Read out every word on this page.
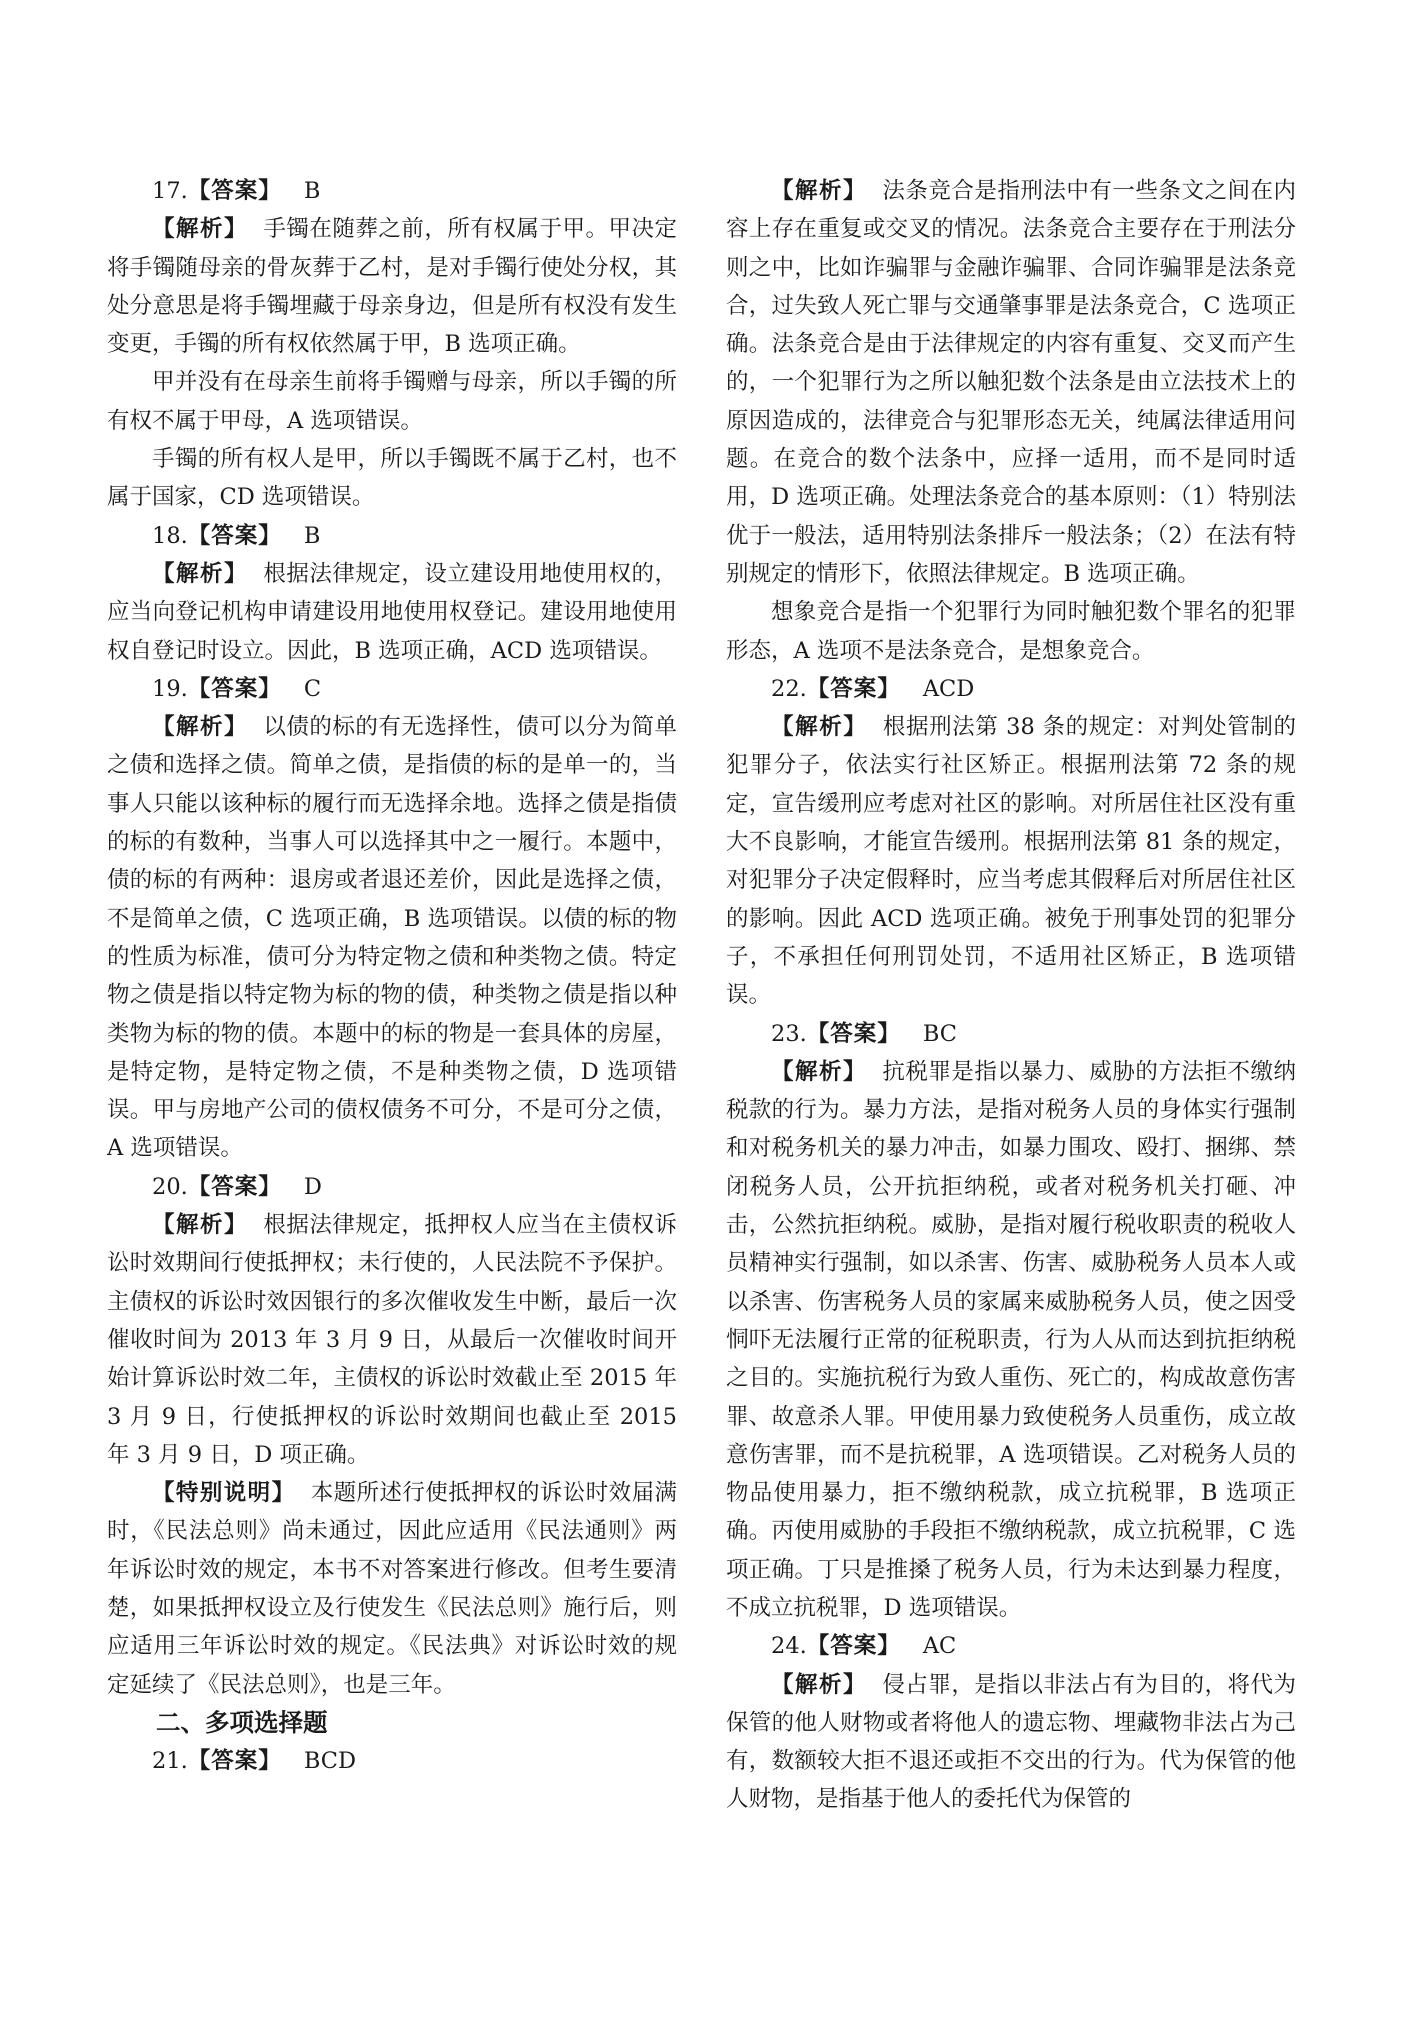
17.【答案】 B

【解析】 手镯在随葬之前，所有权属于甲。甲决定将手镯随母亲的骨灰葬于乙村，是对手镯行使处分权，其处分意思是将手镯埋藏于母亲身边，但是所有权没有发生变更，手镯的所有权依然属于甲，B 选项正确。

甲并没有在母亲生前将手镯赠与母亲，所以手镯的所有权不属于甲母，A 选项错误。

手镯的所有权人是甲，所以手镯既不属于乙村，也不属于国家，CD 选项错误。

18.【答案】 B

【解析】 根据法律规定，设立建设用地使用权的，应当向登记机构申请建设用地使用权登记。建设用地使用权自登记时设立。因此，B 选项正确，ACD 选项错误。

19.【答案】 C

【解析】 以债的标的有无选择性，债可以分为简单之债和选择之债。简单之债，是指债的标的是单一的，当事人只能以该种标的履行而无选择余地。选择之债是指债的标的有数种，当事人可以选择其中之一履行。本题中，债的标的有两种：退房或者退还差价，因此是选择之债，不是简单之债，C 选项正确，B 选项错误。以债的标的物的性质为标准，债可分为特定物之债和种类物之债。特定物之债是指以特定物为标的物的债，种类物之债是指以种类物为标的物的债。本题中的标的物是一套具体的房屋，是特定物，是特定物之债，不是种类物之债，D 选项错误。甲与房地产公司的债权债务不可分，不是可分之债，A 选项错误。

20.【答案】 D

【解析】 根据法律规定，抵押权人应当在主债权诉讼时效期间行使抵押权；未行使的，人民法院不予保护。主债权的诉讼时效因银行的多次催收发生中断，最后一次催收时间为 2013 年 3 月 9 日，从最后一次催收时间开始计算诉讼时效二年，主债权的诉讼时效截止至 2015 年 3 月 9 日，行使抵押权的诉讼时效期间也截止至 2015 年 3 月 9 日，D 项正确。

【特别说明】 本题所述行使抵押权的诉讼时效届满时，《民法总则》尚未通过，因此应适用《民法通则》两年诉讼时效的规定，本书不对答案进行修改。但考生要清楚，如果抵押权设立及行使发生《民法总则》施行后，则应适用三年诉讼时效的规定。《民法典》对诉讼时效的规定延续了《民法总则》，也是三年。

二、多项选择题

21.【答案】 BCD

【解析】 法条竞合是指刑法中有一些条文之间在内容上存在重复或交叉的情况。法条竞合主要存在于刑法分则之中，比如诈骗罪与金融诈骗罪、合同诈骗罪是法条竞合，过失致人死亡罪与交通肇事罪是法条竞合，C 选项正确。法条竞合是由于法律规定的内容有重复、交叉而产生的，一个犯罪行为之所以触犯数个法条是由立法技术上的原因造成的，法律竞合与犯罪形态无关，纯属法律适用问题。在竞合的数个法条中，应择一适用，而不是同时适用，D 选项正确。处理法条竞合的基本原则：（1）特别法优于一般法，适用特别法条排斥一般法条；（2）在法有特别规定的情形下，依照法律规定。B 选项正确。

想象竞合是指一个犯罪行为同时触犯数个罪名的犯罪形态，A 选项不是法条竞合，是想象竞合。

22.【答案】 ACD

【解析】 根据刑法第 38 条的规定：对判处管制的犯罪分子，依法实行社区矫正。根据刑法第 72 条的规定，宣告缓刑应考虑对社区的影响。对所居住社区没有重大不良影响，才能宣告缓刑。根据刑法第 81 条的规定，对犯罪分子决定假释时，应当考虑其假释后对所居住社区的影响。因此 ACD 选项正确。被免于刑事处罚的犯罪分子，不承担任何刑罚处罚，不适用社区矫正，B 选项错误。

23.【答案】 BC

【解析】 抗税罪是指以暴力、威胁的方法拒不缴纳税款的行为。暴力方法，是指对税务人员的身体实行强制和对税务机关的暴力冲击，如暴力围攻、殴打、捆绑、禁闭税务人员，公开抗拒纳税，或者对税务机关打砸、冲击，公然抗拒纳税。威胁，是指对履行税收职责的税收人员精神实行强制，如以杀害、伤害、威胁税务人员本人或以杀害、伤害税务人员的家属来威胁税务人员，使之因受恫吓无法履行正常的征税职责，行为人从而达到抗拒纳税之目的。实施抗税行为致人重伤、死亡的，构成故意伤害罪、故意杀人罪。甲使用暴力致使税务人员重伤，成立故意伤害罪，而不是抗税罪，A 选项错误。乙对税务人员的物品使用暴力，拒不缴纳税款，成立抗税罪，B 选项正确。丙使用威胁的手段拒不缴纳税款，成立抗税罪，C 选项正确。丁只是推搡了税务人员，行为未达到暴力程度，不成立抗税罪，D 选项错误。

24.【答案】 AC

【解析】 侵占罪，是指以非法占有为目的，将代为保管的他人财物或者将他人的遗忘物、埋藏物非法占为己有，数额较大拒不退还或拒不交出的行为。代为保管的他人财物，是指基于他人的委托代为保管的
